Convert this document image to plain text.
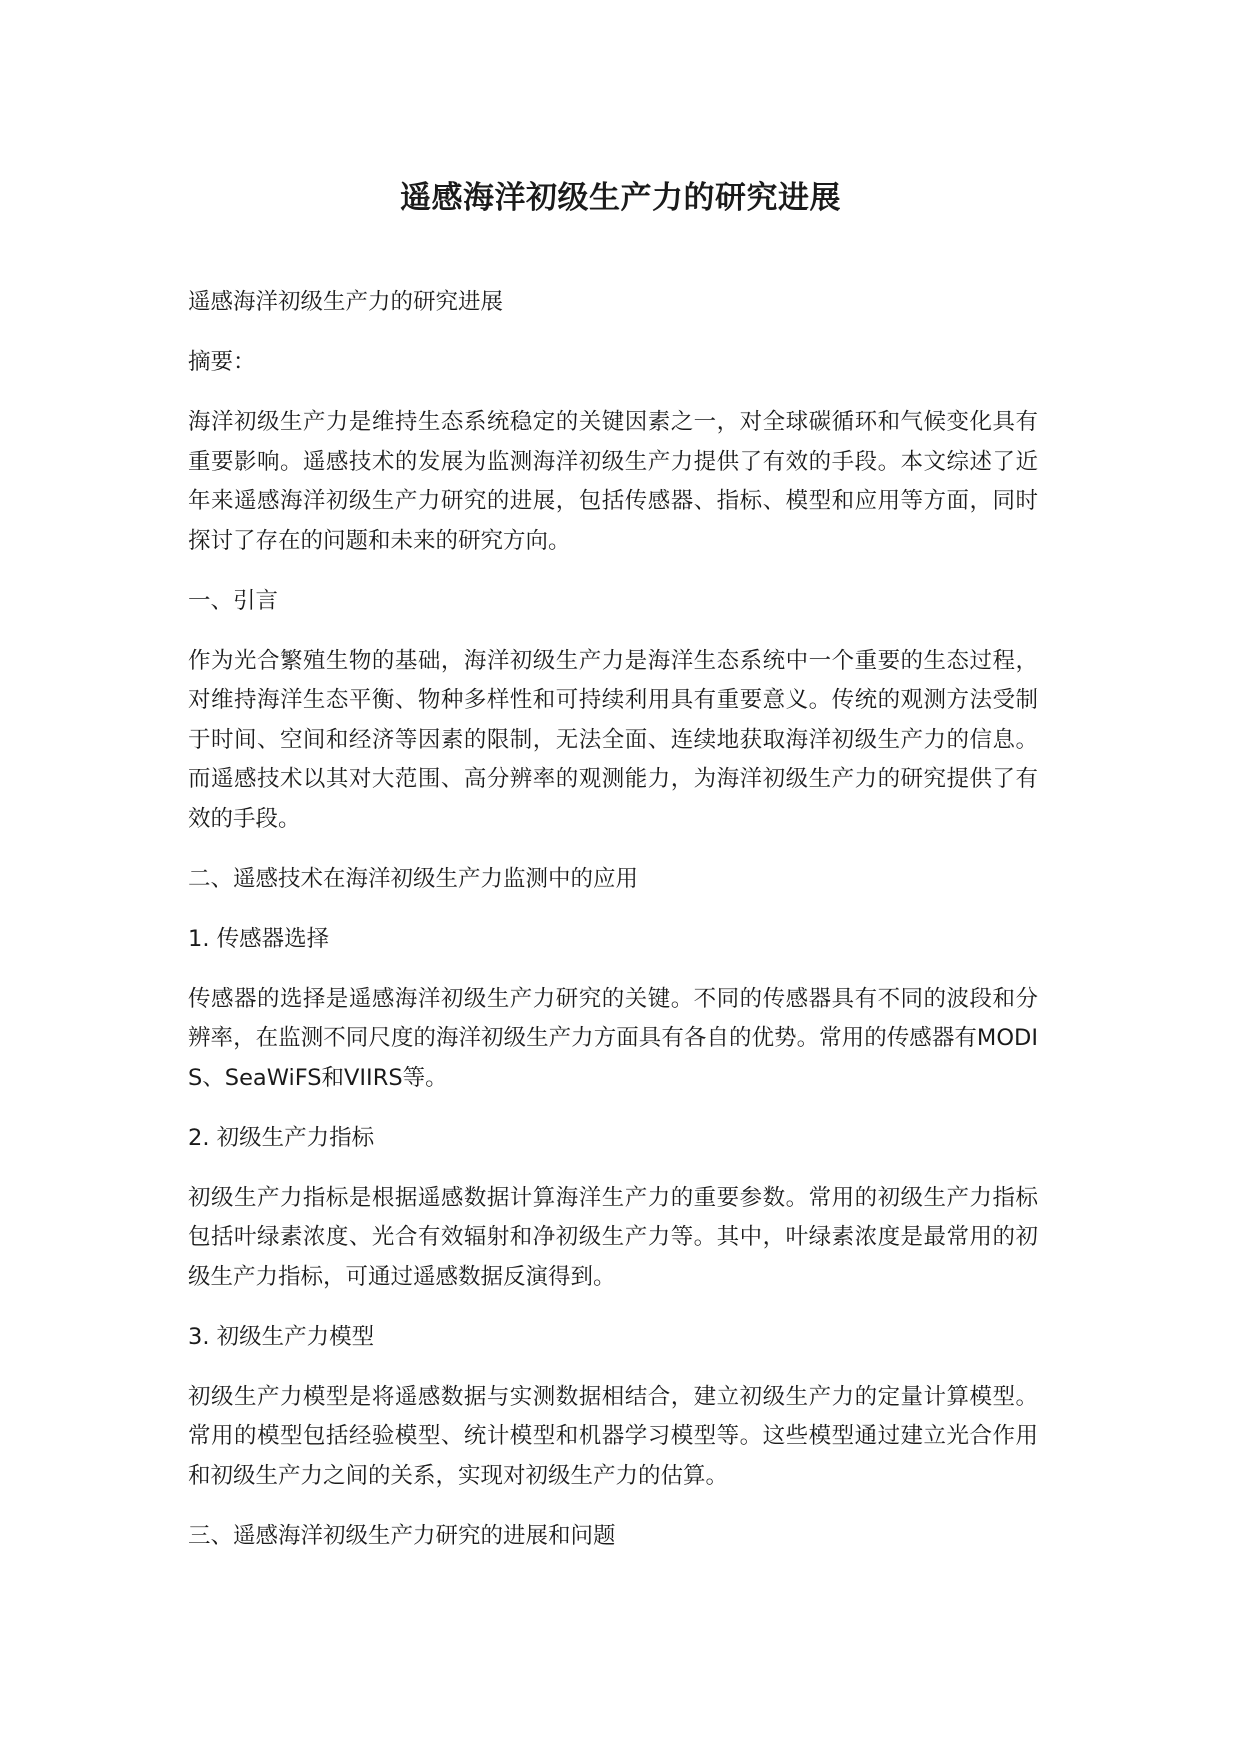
遥感海洋初级生产力的研究进展

遥感海洋初级生产力的研究进展

摘要：

海洋初级生产力是维持生态系统稳定的关键因素之一，对全球碳循环和气候变化具有重要影响。遥感技术的发展为监测海洋初级生产力提供了有效的手段。本文综述了近年来遥感海洋初级生产力研究的进展，包括传感器、指标、模型和应用等方面，同时探讨了存在的问题和未来的研究方向。

一、引言

作为光合繁殖生物的基础，海洋初级生产力是海洋生态系统中一个重要的生态过程，对维持海洋生态平衡、物种多样性和可持续利用具有重要意义。传统的观测方法受制于时间、空间和经济等因素的限制，无法全面、连续地获取海洋初级生产力的信息。而遥感技术以其对大范围、高分辨率的观测能力，为海洋初级生产力的研究提供了有效的手段。

二、遥感技术在海洋初级生产力监测中的应用

1. 传感器选择

传感器的选择是遥感海洋初级生产力研究的关键。不同的传感器具有不同的波段和分辨率，在监测不同尺度的海洋初级生产力方面具有各自的优势。常用的传感器有MODIS、SeaWiFS和VIIRS等。

2. 初级生产力指标

初级生产力指标是根据遥感数据计算海洋生产力的重要参数。常用的初级生产力指标包括叶绿素浓度、光合有效辐射和净初级生产力等。其中，叶绿素浓度是最常用的初级生产力指标，可通过遥感数据反演得到。

3. 初级生产力模型

初级生产力模型是将遥感数据与实测数据相结合，建立初级生产力的定量计算模型。常用的模型包括经验模型、统计模型和机器学习模型等。这些模型通过建立光合作用和初级生产力之间的关系，实现对初级生产力的估算。

三、遥感海洋初级生产力研究的进展和问题
